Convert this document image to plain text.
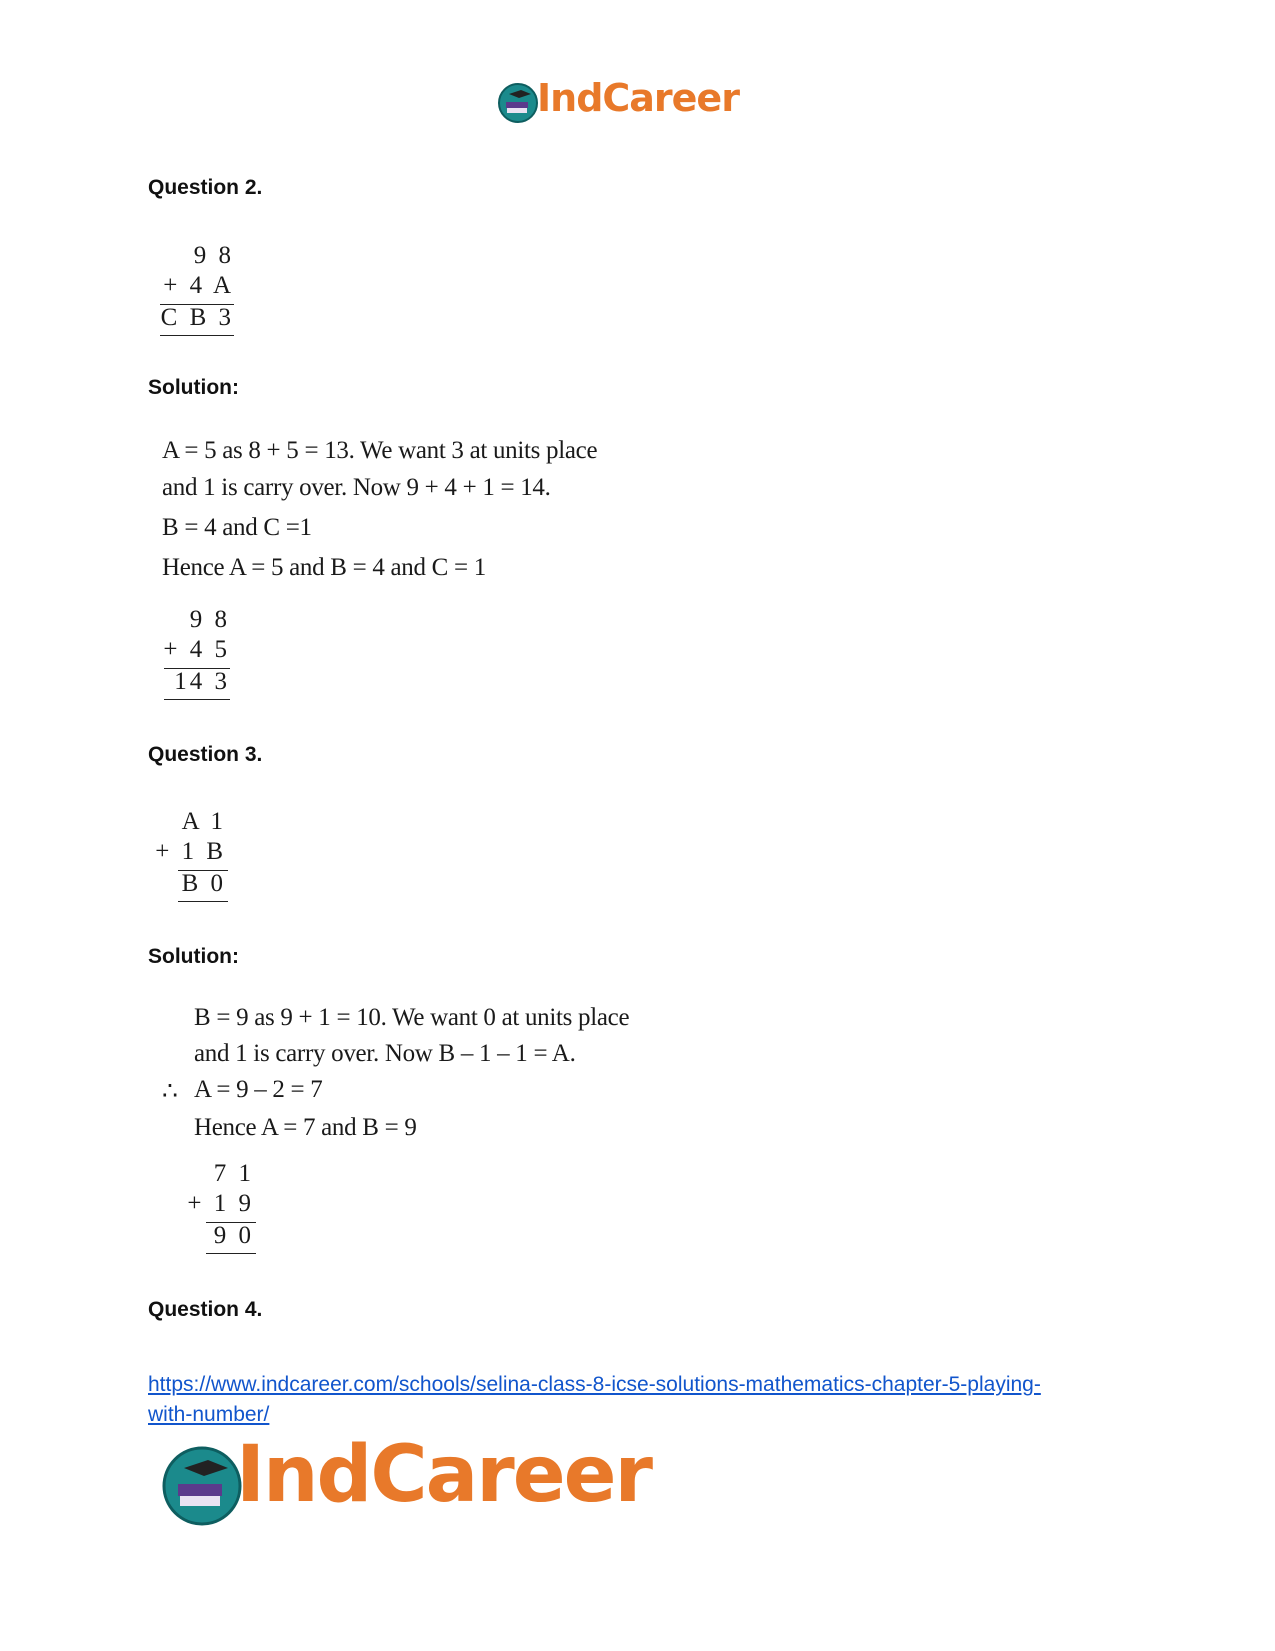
IndCareer
Question 2.
9 8
+ 4 A
C B 3
Solution:
A = 5 as 8 + 5 = 13. We want 3 at units place
and 1 is carry over. Now 9 + 4 + 1 = 14.
B = 4 and C =1
Hence A = 5 and B = 4 and C = 1
9 8
+ 4 5
14 3
Question 3.
A 1
+ 1 B
B 0
Solution:
B = 9 as 9 + 1 = 10. We want 0 at units place
and 1 is carry over. Now B – 1 – 1 = A.
∴ A = 9 – 2 = 7
Hence A = 7 and B = 9
7 1
+ 1 9
9 0
Question 4.
https://www.indcareer.com/schools/selina-class-8-icse-solutions-mathematics-chapter-5-playing-
with-number/
IndCareer
